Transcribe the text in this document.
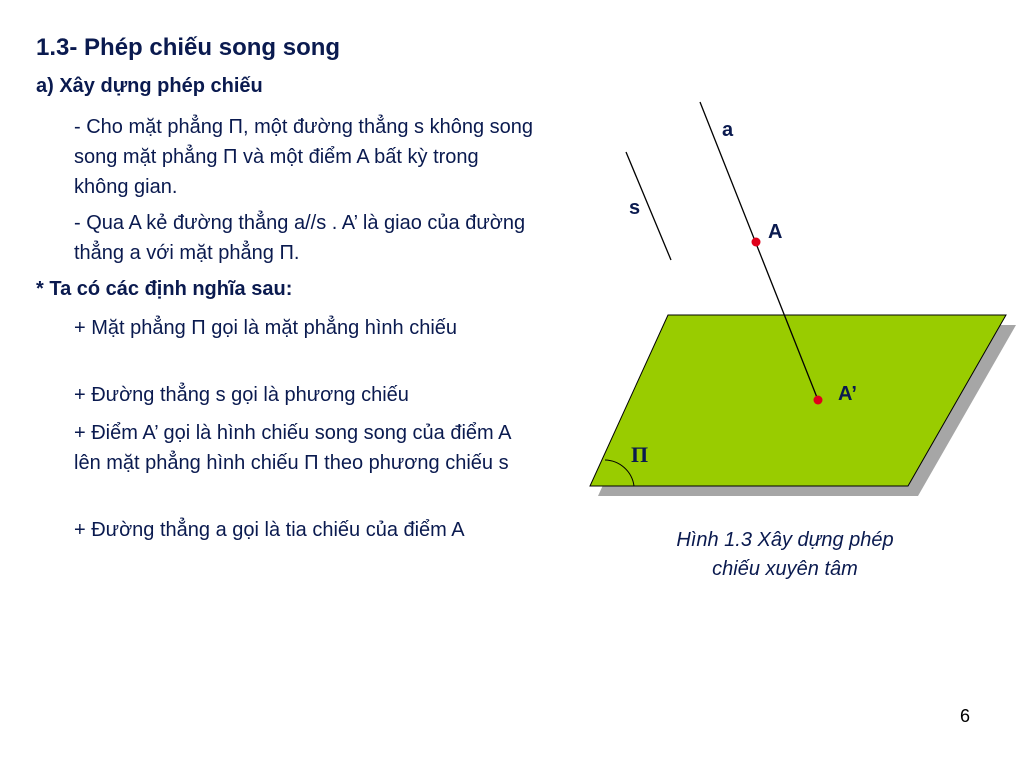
1.3- Phép chiếu song song

a) Xây dựng phép chiếu

- Cho mặt phẳng Π, một đường thẳng s không song song mặt phẳng Π và một điểm A bất kỳ trong không gian.

- Qua A kẻ đường thẳng a//s . A’ là giao của đường thẳng a với mặt phẳng Π.

* Ta có các định nghĩa sau:

+ Mặt phẳng Π gọi là mặt phẳng hình chiếu

+ Đường thẳng s gọi là phương chiếu

+ Điểm A’ gọi là hình chiếu song song của điểm A lên mặt phẳng hình chiếu Π theo phương chiếu s

+ Đường thẳng a gọi là tia chiếu của điểm A

a
s
A
A’
Π
Hình 1.3 Xây dựng phép
chiếu xuyên tâm
6
